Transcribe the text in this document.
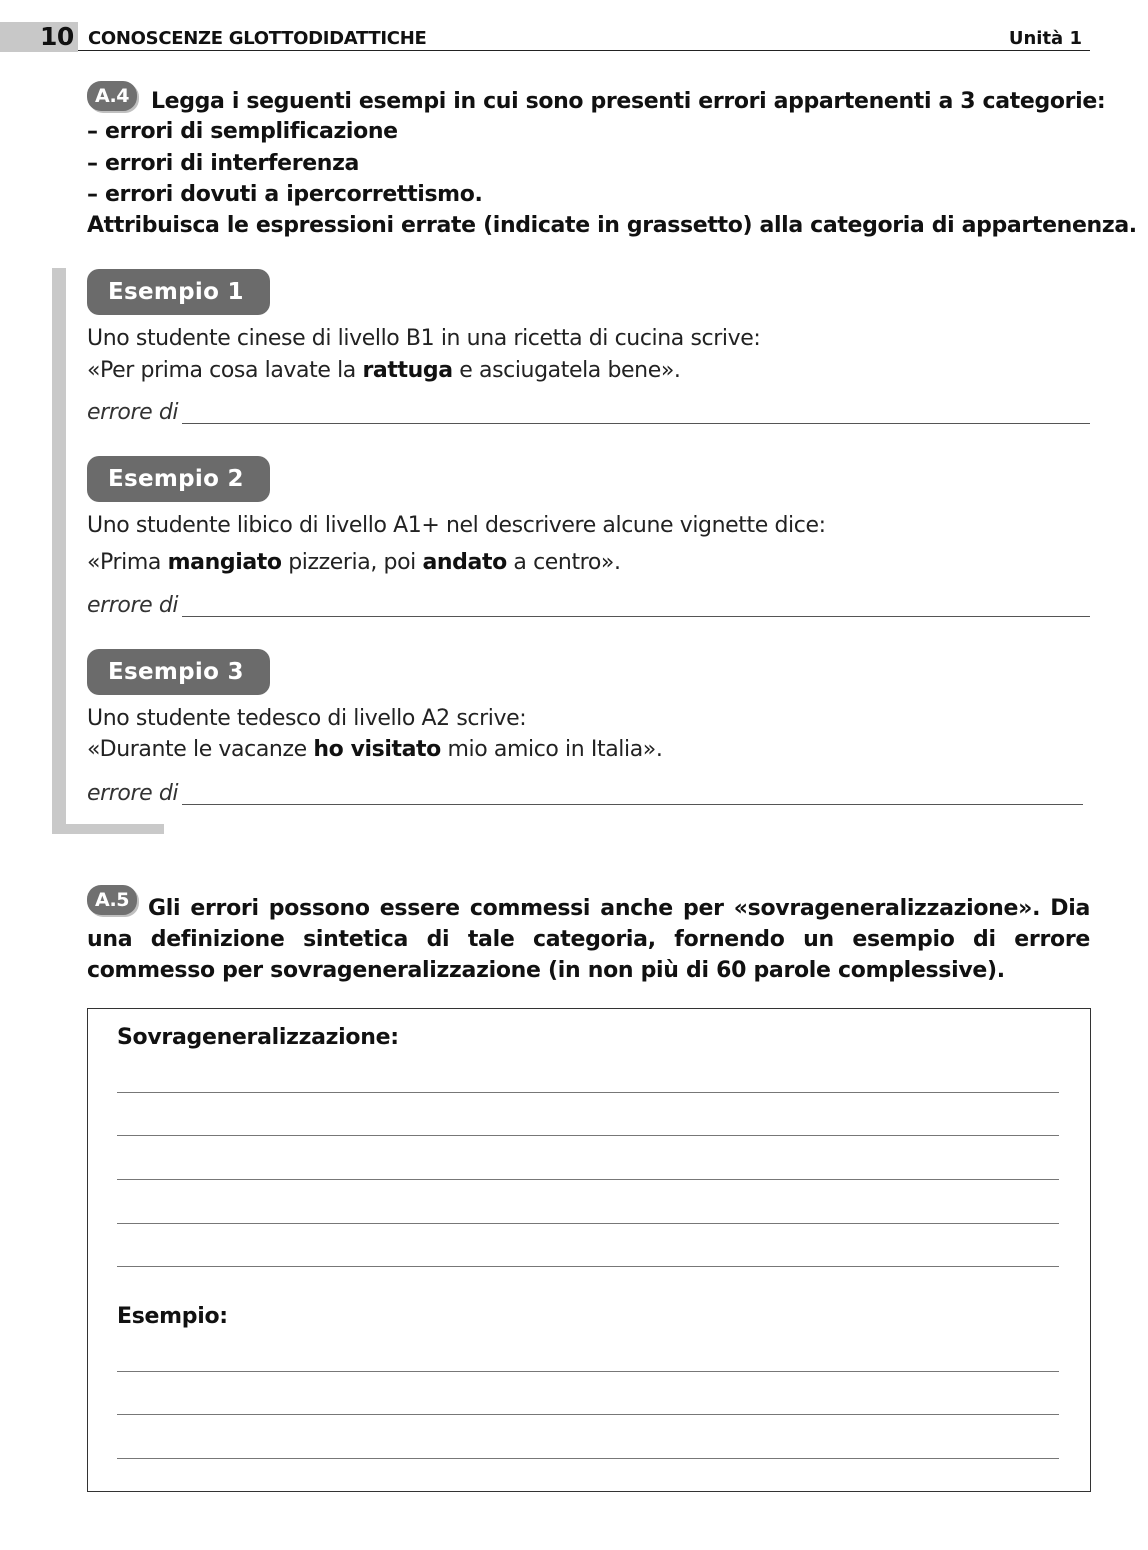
10 CONOSCENZE GLOTTODIDATTICHE	Unità 1
A.4	Legga i seguenti esempi in cui sono presenti errori appartenenti a 3 categorie:
– errori di semplificazione
– errori di interferenza
– errori dovuti a ipercorrettismo.
Attribuisca le espressioni errate (indicate in grassetto) alla categoria di appartenenza.
Esempio 1
Uno studente cinese di livello B1 in una ricetta di cucina scrive:
«Per prima cosa lavate la rattuga e asciugatela bene».
errore di
Esempio 2
Uno studente libico di livello A1+ nel descrivere alcune vignette dice:
«Prima mangiato pizzeria, poi andato a centro».
errore di
Esempio 3
Uno studente tedesco di livello A2 scrive:
«Durante le vacanze ho visitato mio amico in Italia».
errore di
A.5 Gli errori possono essere commessi anche per «sovrageneralizzazione». Dia una definizione sintetica di tale categoria, fornendo un esempio di errore commesso per sovrageneralizzazione (in non più di 60 parole complessive).
Sovrageneralizzazione:
Esempio:
